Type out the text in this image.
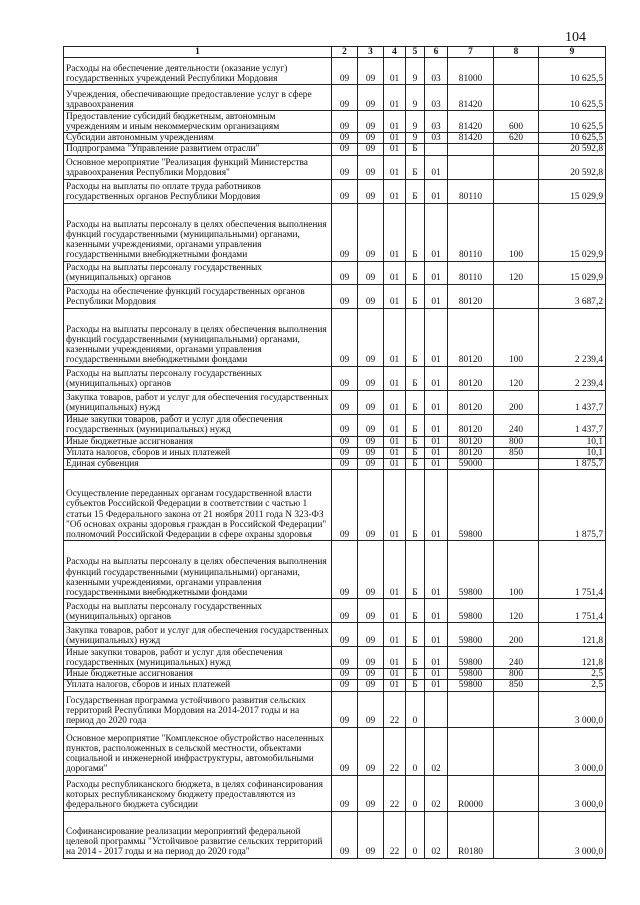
104
1	2	3	4	5	6	7	8	9
Расходы на обеспечение деятельности (оказание услуг) государственных учреждений Республики Мордовия	09	09	01	9	03	81000		10 625,5
Учреждения, обеспечивающие предоставление услуг в сфере здравоохранения	09	09	01	9	03	81420		10 625,5
Предоставление субсидий бюджетным, автономным учреждениям и иным некоммерческим организациям	09	09	01	9	03	81420	600	10 625,5
Субсидии автономным учреждениям	09	09	01	9	03	81420	620	10 625,5
Подпрограмма "Управление развитием отрасли"	09	09	01	Б				20 592,8
Основное мероприятие "Реализация функций Министерства здравоохранения Республики Мордовия"	09	09	01	Б	01			20 592,8
Расходы на выплаты по оплате труда работников государственных органов Республики Мордовия	09	09	01	Б	01	80110		15 029,9
Расходы на выплаты персоналу в целях обеспечения выполнения функций государственными (муниципальными) органами, казенными учреждениями, органами управления государственными внебюджетными фондами	09	09	01	Б	01	80110	100	15 029,9
Расходы на выплаты персоналу государственных (муниципальных) органов	09	09	01	Б	01	80110	120	15 029,9
Расходы на обеспечение функций государственных органов Республики Мордовия	09	09	01	Б	01	80120		3 687,2
Расходы на выплаты персоналу в целях обеспечения выполнения функций государственными (муниципальными) органами, казенными учреждениями, органами управления государственными внебюджетными фондами	09	09	01	Б	01	80120	100	2 239,4
Расходы на выплаты персоналу государственных (муниципальных) органов	09	09	01	Б	01	80120	120	2 239,4
Закупка товаров, работ и услуг для обеспечения государственных (муниципальных) нужд	09	09	01	Б	01	80120	200	1 437,7
Иные закупки товаров, работ и услуг для обеспечения государственных (муниципальных) нужд	09	09	01	Б	01	80120	240	1 437,7
Иные бюджетные ассигнования	09	09	01	Б	01	80120	800	10,1
Уплата налогов, сборов и иных платежей	09	09	01	Б	01	80120	850	10,1
Единая субвенция	09	09	01	Б	01	59000		1 875,7
Осуществление переданных органам государственной власти субъектов Российской Федерации в соответствии с частью 1 статьи 15 Федерального закона от 21 ноября 2011 года N 323-ФЗ "Об основах охраны здоровья граждан в Российской Федерации" полномочий Российской Федерации в сфере охраны здоровья	09	09	01	Б	01	59800		1 875,7
Расходы на выплаты персоналу в целях обеспечения выполнения функций государственными (муниципальными) органами, казенными учреждениями, органами управления государственными внебюджетными фондами	09	09	01	Б	01	59800	100	1 751,4
Расходы на выплаты персоналу государственных (муниципальных) органов	09	09	01	Б	01	59800	120	1 751,4
Закупка товаров, работ и услуг для обеспечения государственных (муниципальных) нужд	09	09	01	Б	01	59800	200	121,8
Иные закупки товаров, работ и услуг для обеспечения государственных (муниципальных) нужд	09	09	01	Б	01	59800	240	121,8
Иные бюджетные ассигнования	09	09	01	Б	01	59800	800	2,5
Уплата налогов, сборов и иных платежей	09	09	01	Б	01	59800	850	2,5
Государственная программа устойчивого развития сельских территорий Республики Мордовия на 2014-2017 годы и на период до 2020 года	09	09	22	0				3 000,0
Основное мероприятие "Комплексное обустройство населенных пунктов, расположенных в сельской местности, объектами социальной и инженерной инфраструктуры, автомобильными дорогами"	09	09	22	0	02			3 000,0
Расходы республиканского бюджета, в целях софинансирования которых республиканскому бюджету предоставляются из федерального бюджета субсидии	09	09	22	0	02	R0000		3 000,0
Софинансирование реализации мероприятий федеральной целевой программы "Устойчивое развитие сельских территорий на 2014 - 2017 годы и на период до 2020 года"	09	09	22	0	02	R0180		3 000,0
